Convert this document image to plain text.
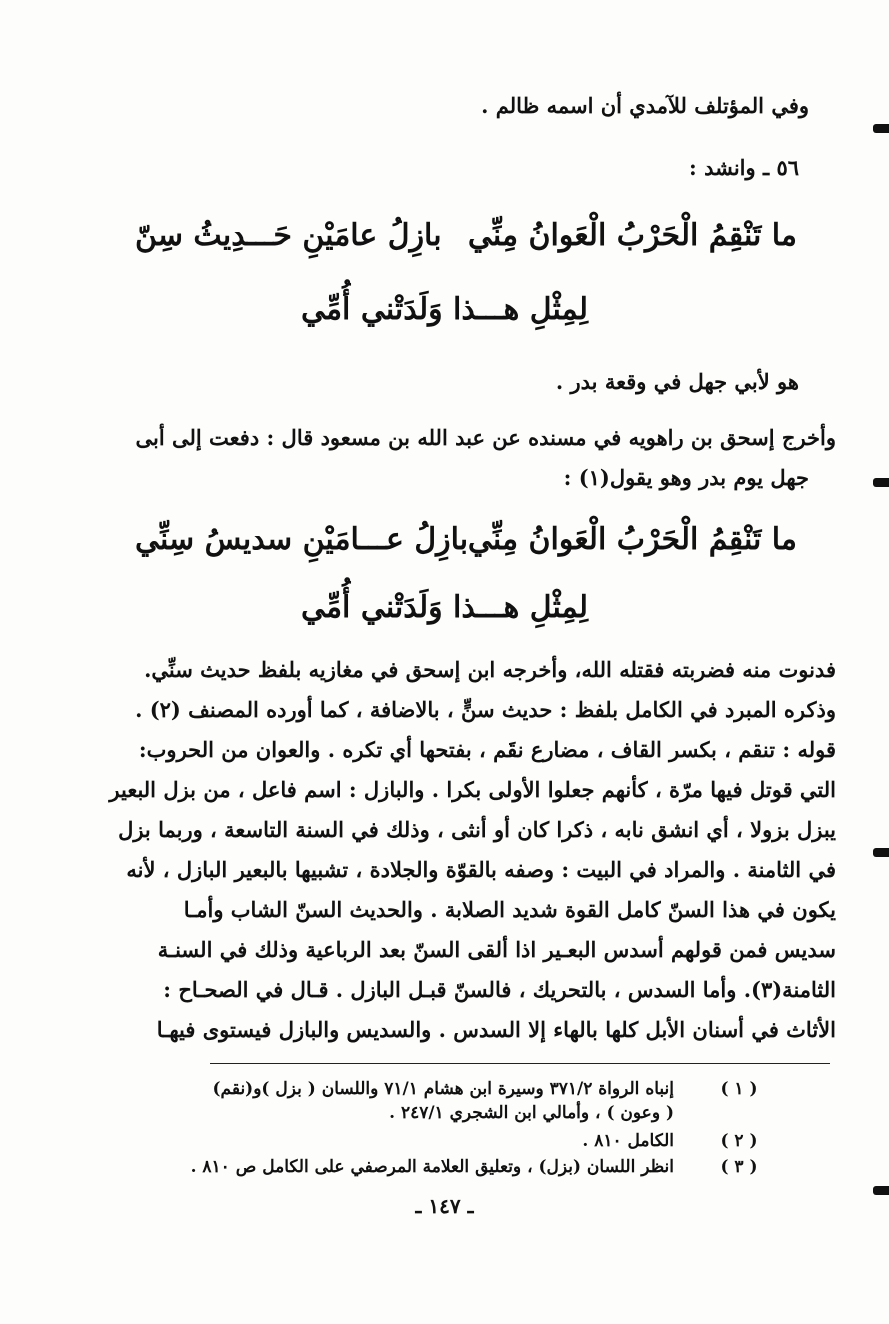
وفي المؤتلف للآمدي أن اسمه ظالم .
٥٦ ـ وانشد :
ما تَنْقِمُ الْحَرْبُ الْعَوانُ مِنِّي
بازِلُ عامَيْنِ حَـــدِيثُ سِنّ
لِمِثْلِ هـــذا وَلَدَتْني أُمِّي
هو لأبي جهل في وقعة بدر .
وأخرج إسحق بن راهويه في مسنده عن عبد الله بن مسعود قال : دفعت إلى أبى
جهل يوم بدر وهو يقول(١) :
ما تَنْقِمُ الْحَرْبُ الْعَوانُ مِنِّي
بازِلُ عـــامَيْنِ سديسُ سِنِّي
لِمِثْلِ هـــذا وَلَدَتْني أُمِّي
فدنوت منه فضربته فقتله الله، وأخرجه ابن إسحق في مغازيه بلفظ حديث سنِّي.
وذكره المبرد في الكامل بلفظ : حديث سنٍّ ، بالاضافة ، كما أورده المصنف (٢) .
قوله : تنقم ، بكسر القاف ، مضارع نقَم ، بفتحها أي تكره . والعوان من الحروب:
التي قوتل فيها مرّة ، كأنهم جعلوا الأولى بكرا . والبازل : اسم فاعل ، من بزل البعير
يبزل بزولا ، أي انشق نابه ، ذكرا كان أو أنثى ، وذلك في السنة التاسعة ، وربما بزل
في الثامنة . والمراد في البيت : وصفه بالقوّة والجلادة ، تشبيها بالبعير البازل ، لأنه
يكون في هذا السنّ كامل القوة شديد الصلابة . والحديث السنّ الشاب وأمـا
سديس فمن قولهم أسدس البعـير اذا ألقى السنّ بعد الرباعية وذلك في السنـة
الثامنة(٣). وأما السدس ، بالتحريك ، فالسنّ قبـل البازل . قـال في الصحـاح :
الأثاث في أسنان الأبل كلها بالهاء إلا السدس . والسديس والبازل فيستوى فيهـا
( ١ )
إنباه الرواة ٣٧١/٢ وسيرة ابن هشام ٧١/١ واللسان ( بزل )و(نقم)
( وعون ) ، وأمالي ابن الشجري ٢٤٧/١ .
( ٢ )
الكامل ٨١٠ .
( ٣ )
انظر اللسان (بزل) ، وتعليق العلامة المرصفي على الكامل ص ٨١٠ .
ـ ١٤٧ ـ
